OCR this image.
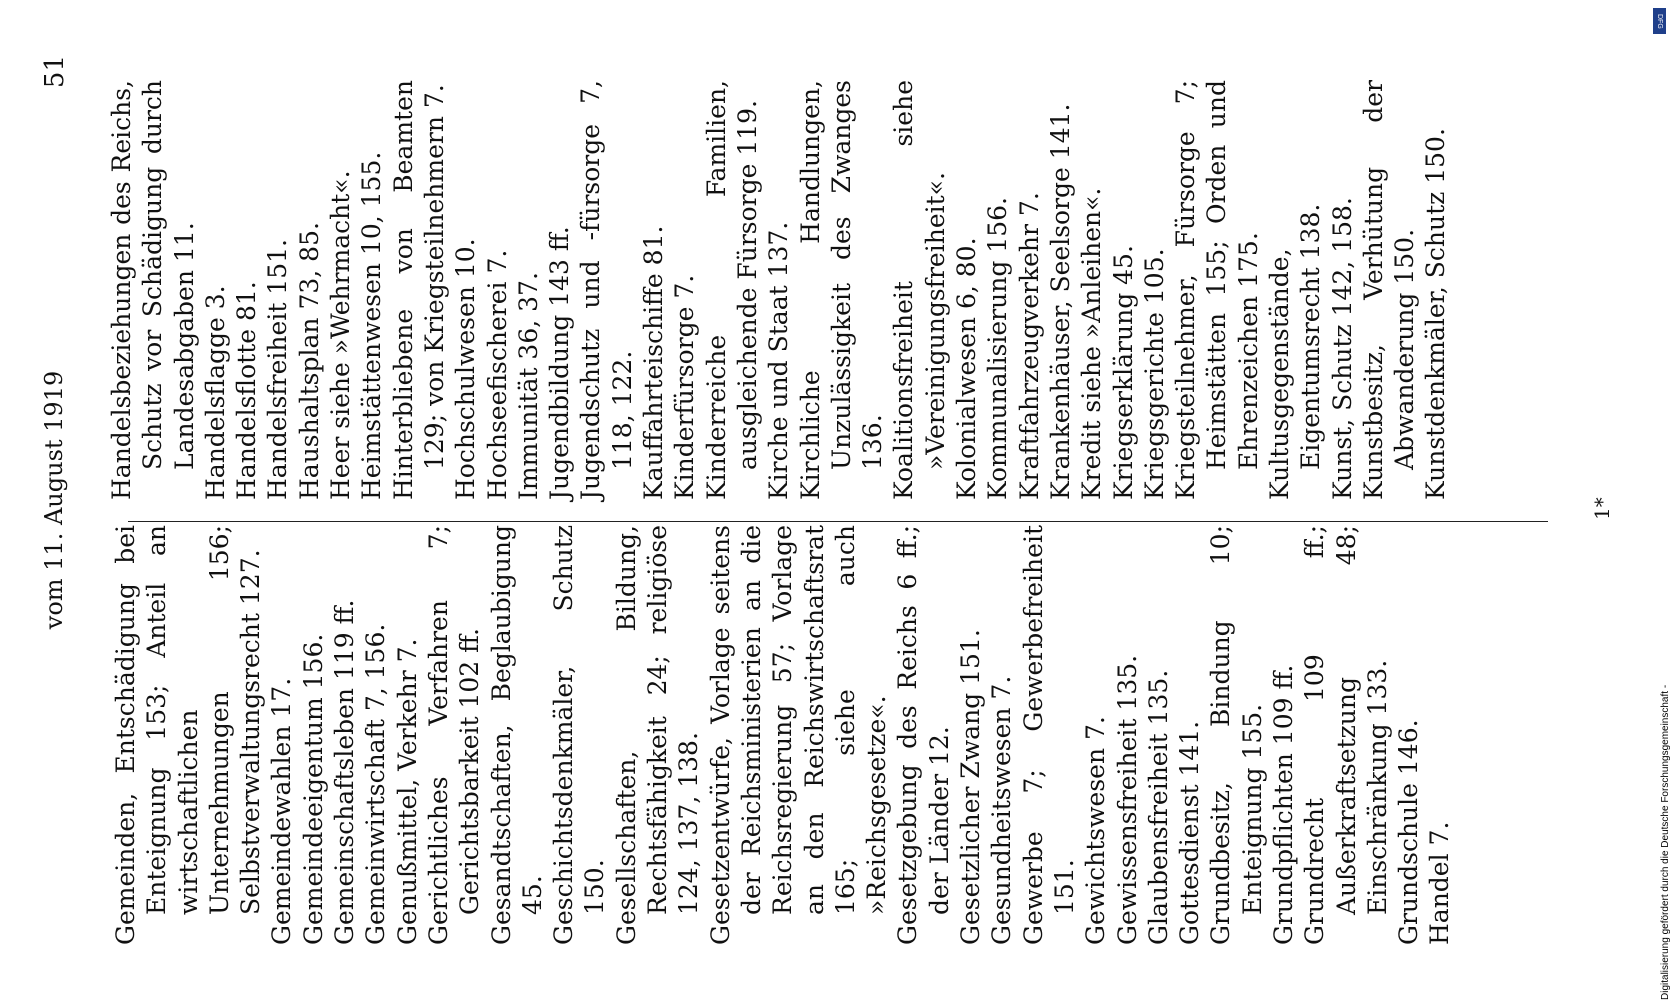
vom 11. August 1919
51

Gemeinden, Entschädigung bei Enteignung 153; Anteil an wirtschaftlichen Unternehmungen 156; Selbstverwaltungsrecht 127. Gemeindewahlen 17. Gemeindeeigentum 156. Gemeinschaftsleben 119 ff. Gemeinwirtschaft 7, 156. Genußmittel, Verkehr 7. Gerichtliches Verfahren 7; Gerichtsbarkeit 102 ff. Gesandtschaften, Beglaubigung 45. Geschichtsdenkmäler, Schutz 150. Gesellschaften, Bildung, Rechtsfähigkeit 24; religiöse 124, 137, 138. Gesetzentwürfe, Vorlage seitens der Reichsministerien an die Reichsregierung 57; Vorlage an den Reichswirtschaftsrat 165; siehe auch »Reichsgesetze«. Gesetzgebung des Reichs 6 ff.; der Länder 12. Gesetzlicher Zwang 151. Gesundheitswesen 7. Gewerbe 7; Gewerbefreiheit 151. Gewichtswesen 7. Gewissensfreiheit 135. Glaubensfreiheit 135. Gottesdienst 141. Grundbesitz, Bindung 10; Enteignung 155. Grundpflichten 109 ff. Grundrecht 109 ff.; Außerkraftsetzung 48; Einschränkung 133. Grundschule 146. Handel 7.

Handelsbeziehungen des Reichs, Schutz vor Schädigung durch Landesabgaben 11. Handelsflagge 3. Handelsflotte 81. Handelsfreiheit 151. Haushaltsplan 73, 85. Heer siehe »Wehrmacht«. Heimstättenwesen 10, 155. Hinterbliebene von Beamten 129; von Kriegsteilnehmern 7. Hochschulwesen 10. Hochseefischerei 7. Immunität 36, 37. Jugendbildung 143 ff. Jugendschutz und -fürsorge 7, 118, 122. Kauffahrteischiffe 81. Kinderfürsorge 7. Kinderreiche Familien, ausgleichende Fürsorge 119. Kirche und Staat 137. Kirchliche Handlungen, Unzulässigkeit des Zwanges 136. Koalitionsfreiheit siehe »Vereinigungsfreiheit«. Kolonialwesen 6, 80. Kommunalisierung 156. Kraftfahrzeugverkehr 7. Krankenhäuser, Seelsorge 141. Kredit siehe »Anleihen«. Kriegserklärung 45. Kriegsgerichte 105. Kriegsteilnehmer, Fürsorge 7; Heimstätten 155; Orden und Ehrenzeichen 175. Kultusgegenstände, Eigentumsrecht 138. Kunst, Schutz 142, 158. Kunstbesitz, Verhütung der Abwanderung 150. Kunstdenkmäler, Schutz 150.

1*
Digitalisierung gefördert durch die Deutsche Forschungsgemeinschaft -
DFG
